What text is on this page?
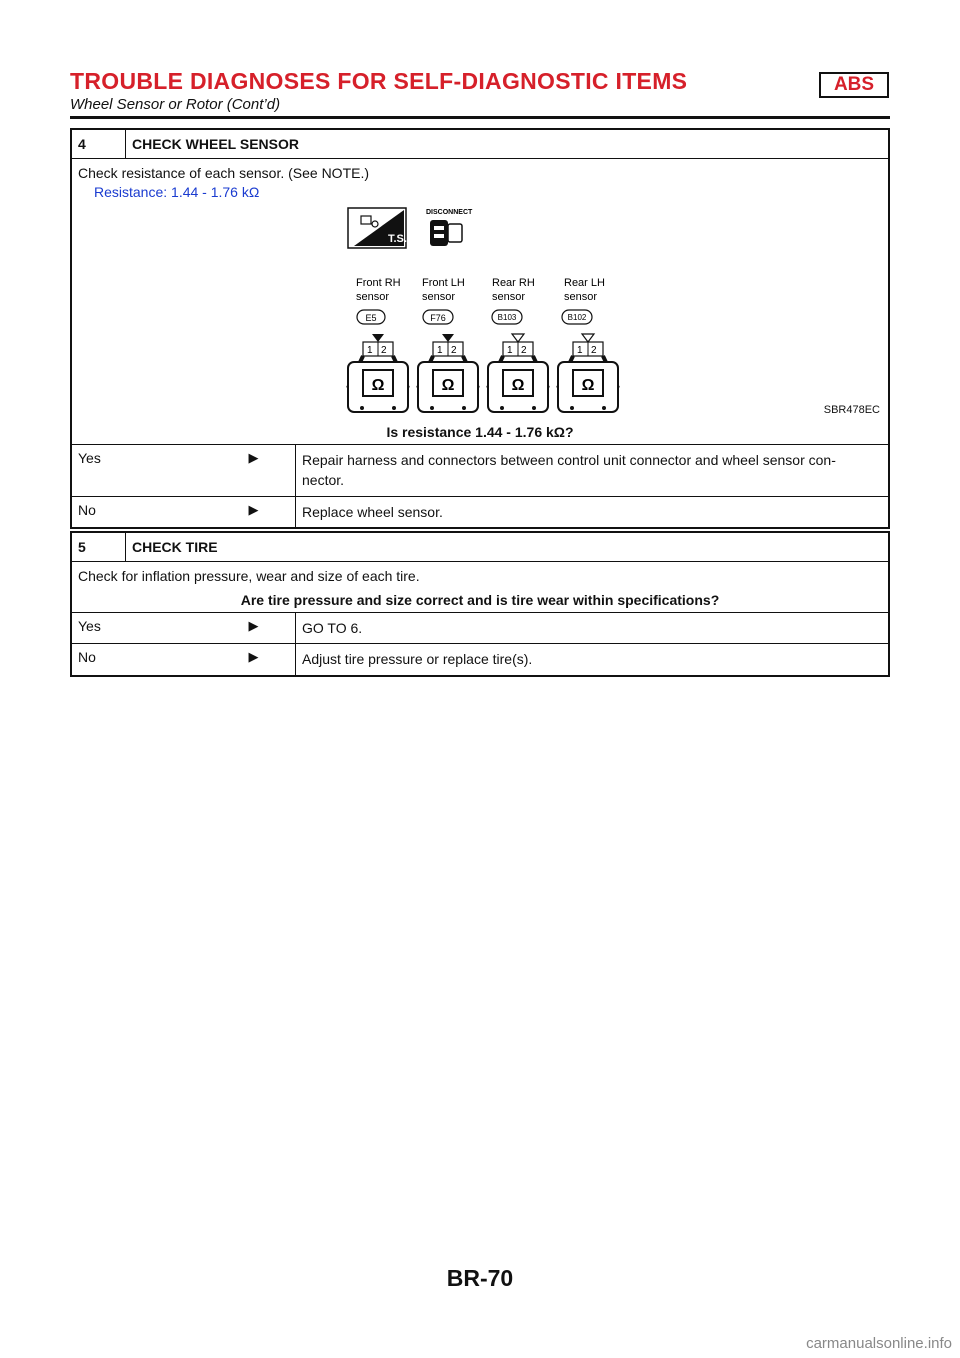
TROUBLE DIAGNOSES FOR SELF-DIAGNOSTIC ITEMS	ABS
Wheel Sensor or Rotor (Cont’d)
4	CHECK WHEEL SENSOR
Check resistance of each sensor. (See NOTE.)
Resistance: 1.44 - 1.76 kΩ
T.S.
DISCONNECT
Front RH
sensor
Front LH
sensor
Rear RH
sensor
Rear LH
sensor
E5	F76	B103	B102
1 2
Ω
1 2
Ω
1 2
Ω
1 2
Ω
SBR478EC
Is resistance 1.44 - 1.76 kΩ?
Yes	▶	Repair harness and connectors between control unit connector and wheel sensor con-
nector.
No	▶	Replace wheel sensor.
5	CHECK TIRE
Check for inflation pressure, wear and size of each tire.
Are tire pressure and size correct and is tire wear within specifications?
Yes	▶	GO TO 6.
No	▶	Adjust tire pressure or replace tire(s).
BR-70
carmanualsonline.info
